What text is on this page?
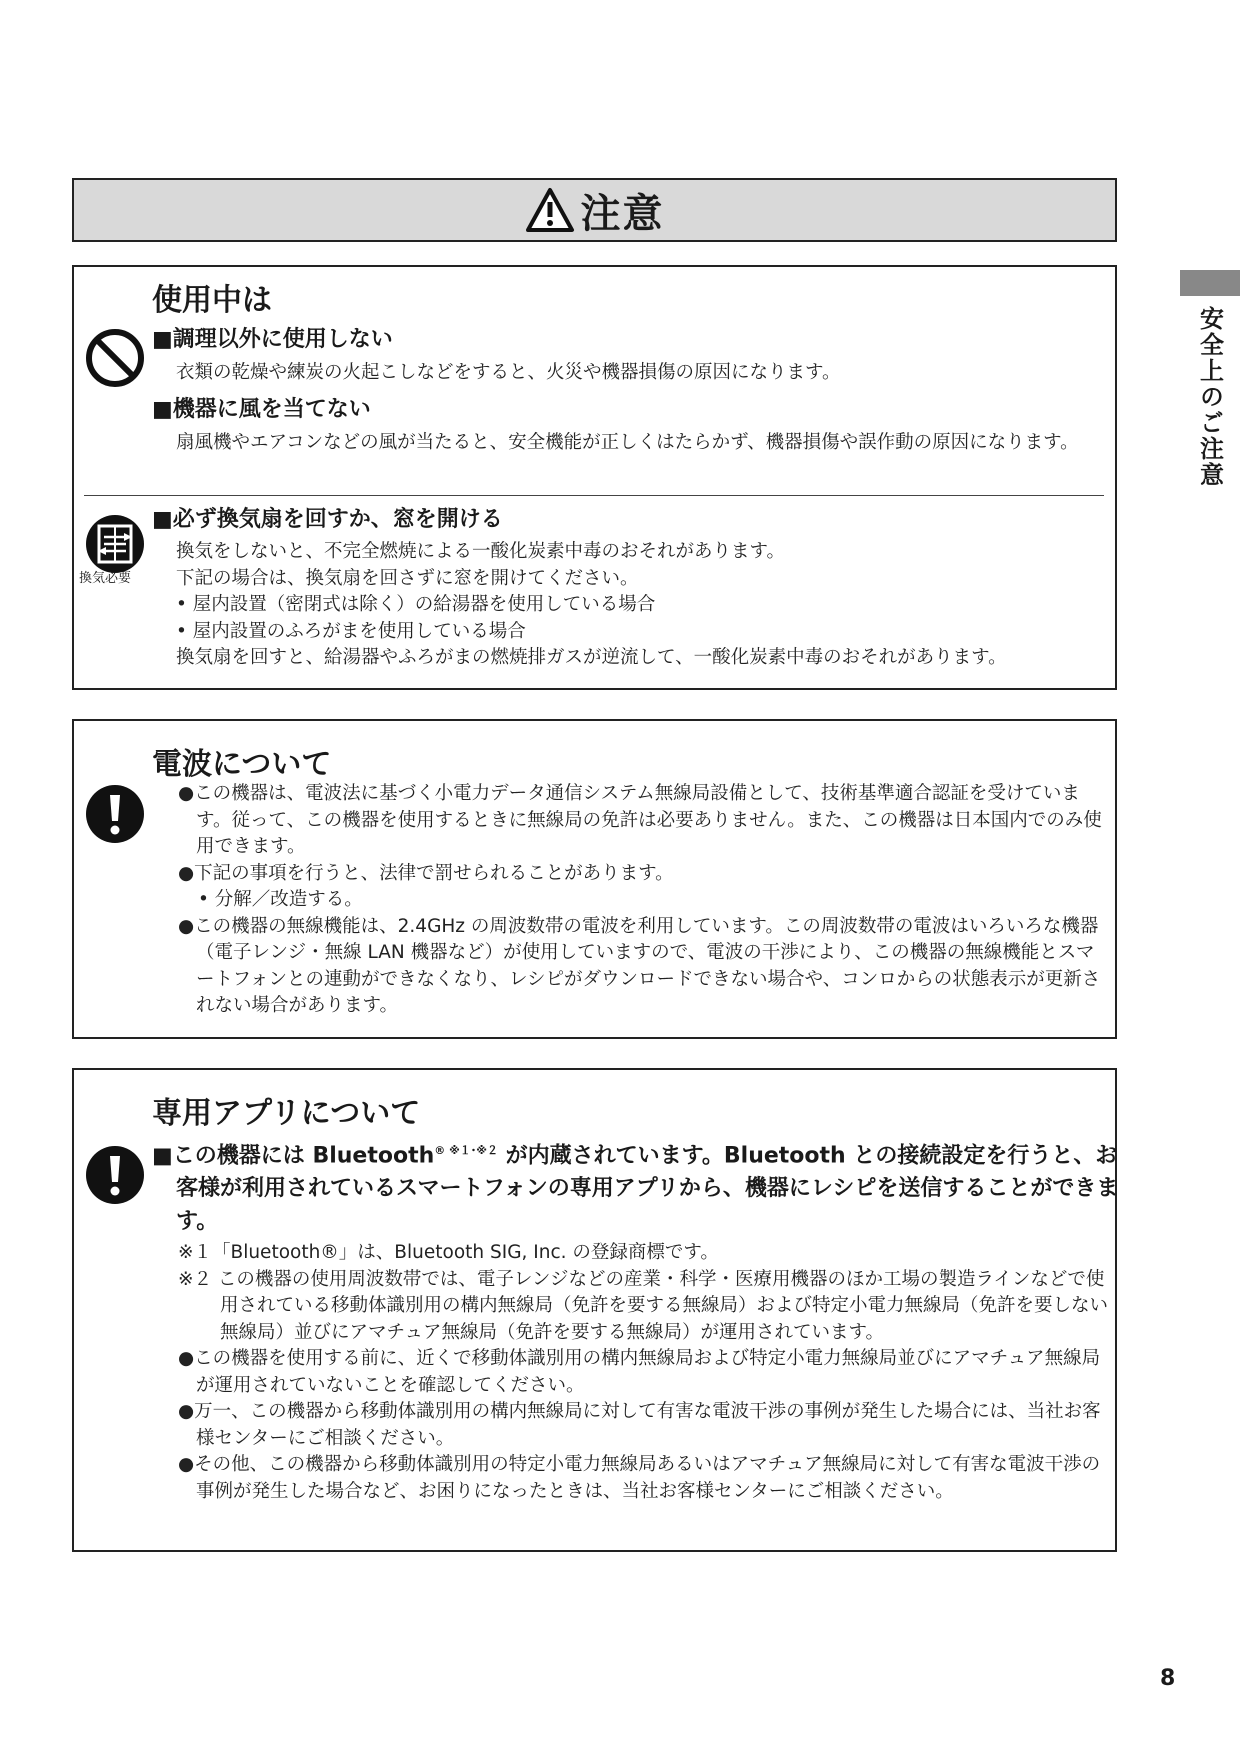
注意
安全上のご注意
使用中は
■調理以外に使用しない
衣類の乾燥や練炭の火起こしなどをすると、火災や機器損傷の原因になります。
■機器に風を当てない
扇風機やエアコンなどの風が当たると、安全機能が正しくはたらかず、機器損傷や誤作動の原因になります。
換気必要
■必ず換気扇を回すか、窓を開ける

換気をしないと、不完全燃焼による一酸化炭素中毒のおそれがあります。

下記の場合は、換気扇を回さずに窓を開けてください。

• 屋内設置（密閉式は除く）の給湯器を使用している場合

• 屋内設置のふろがまを使用している場合

換気扇を回すと、給湯器やふろがまの燃焼排ガスが逆流して、一酸化炭素中毒のおそれがあります。

電波について

●この機器は、電波法に基づく小電力データ通信システム無線局設備として、技術基準適合認証を受けています。従って、この機器を使用するときに無線局の免許は必要ありません。また、この機器は日本国内でのみ使用できます。

●下記の事項を行うと、法律で罰せられることがあります。

• 分解／改造する。

●この機器の無線機能は、2.4GHz の周波数帯の電波を利用しています。この周波数帯の電波はいろいろな機器（電子レンジ・無線 LAN 機器など）が使用していますので、電波の干渉により、この機器の無線機能とスマートフォンとの連動ができなくなり、レシピがダウンロードできない場合や、コンロからの状態表示が更新されない場合があります。

専用アプリについて
■この機器には Bluetooth$^{® ※1･※2}$ が内蔵されています。Bluetooth との接続設定を行うと、お客様が利用されているスマートフォンの専用アプリから、機器にレシピを送信することができます。

※１「Bluetooth®」は、Bluetooth SIG, Inc. の登録商標です。

※２ この機器の使用周波数帯では、電子レンジなどの産業・科学・医療用機器のほか工場の製造ラインなどで使用されている移動体識別用の構内無線局（免許を要する無線局）および特定小電力無線局（免許を要しない無線局）並びにアマチュア無線局（免許を要する無線局）が運用されています。

●この機器を使用する前に、近くで移動体識別用の構内無線局および特定小電力無線局並びにアマチュア無線局が運用されていないことを確認してください。

●万一、この機器から移動体識別用の構内無線局に対して有害な電波干渉の事例が発生した場合には、当社お客様センターにご相談ください。

●その他、この機器から移動体識別用の特定小電力無線局あるいはアマチュア無線局に対して有害な電波干渉の事例が発生した場合など、お困りになったときは、当社お客様センターにご相談ください。

8
